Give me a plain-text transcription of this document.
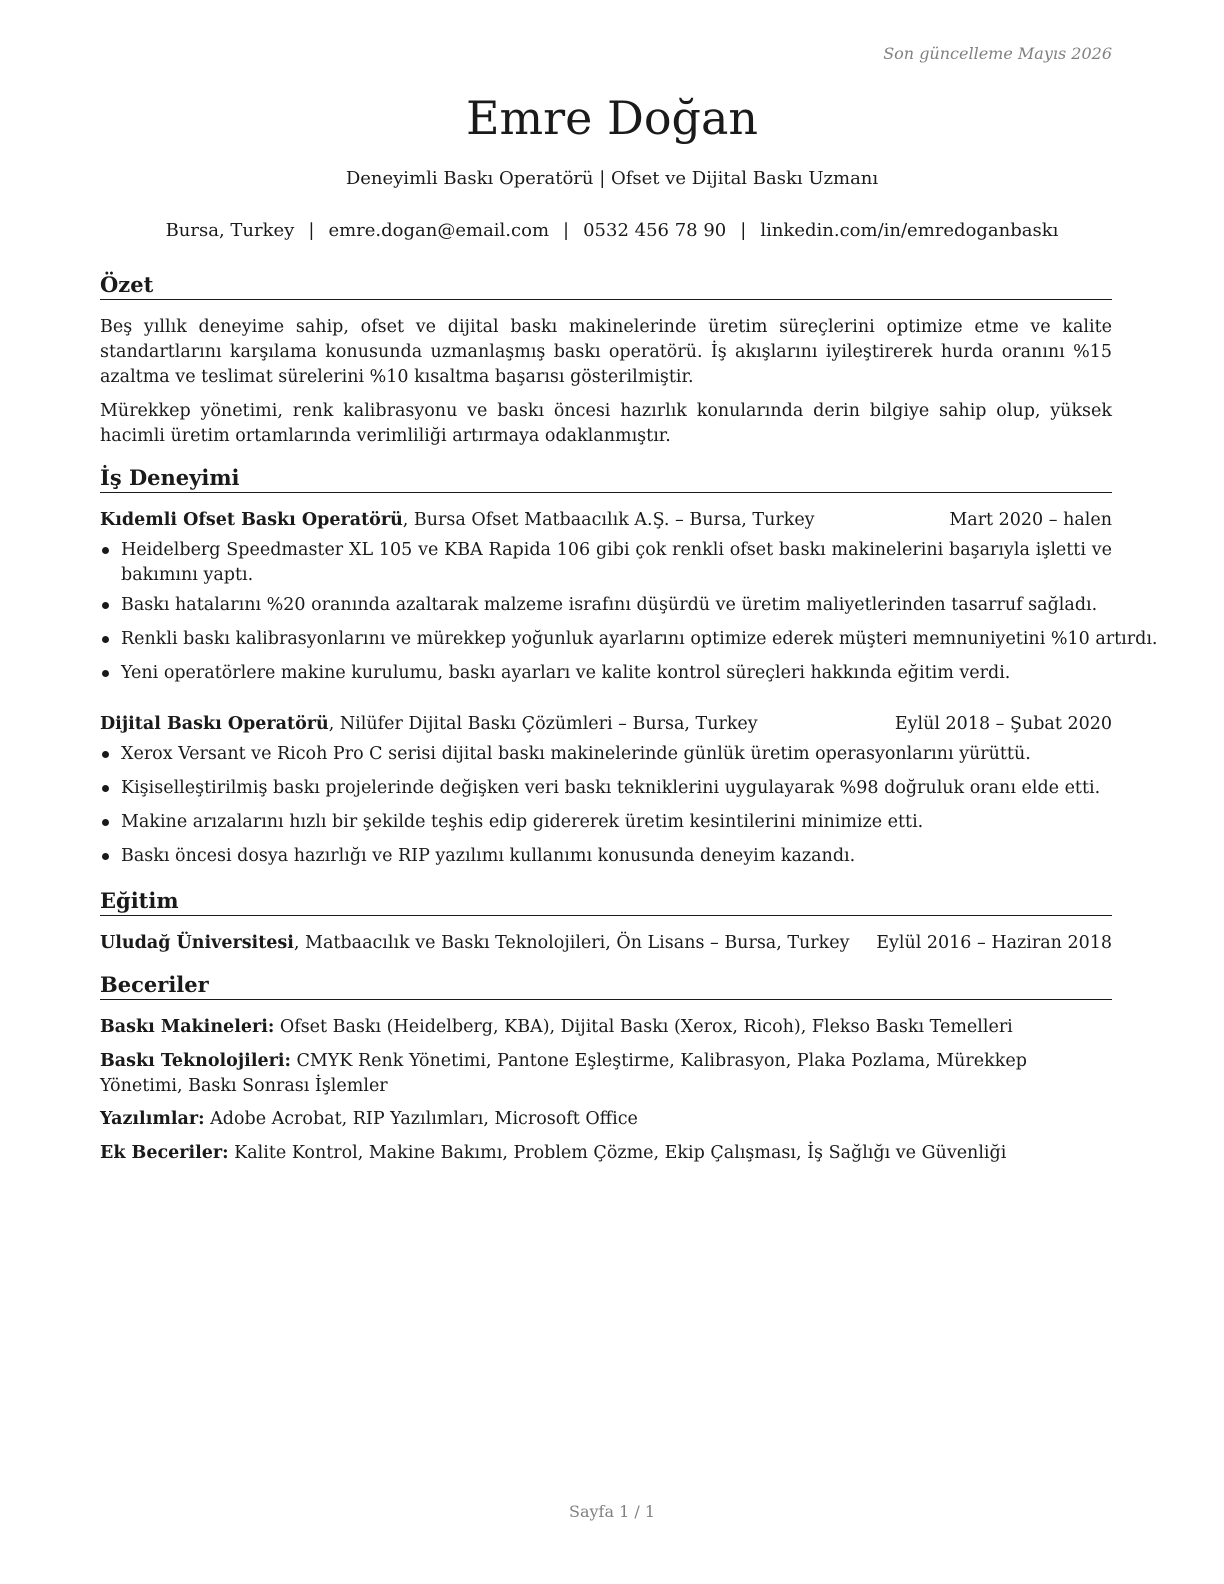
Son güncelleme Mayıs 2026
Emre Doğan
Deneyimli Baskı Operatörü | Ofset ve Dijital Baskı Uzmanı
Bursa, Turkey | emre.dogan@email.com | 0532 456 78 90 | linkedin.com/in/emredoganbaskı
Özet

Beş yıllık deneyime sahip, ofset ve dijital baskı makinelerinde üretim süreçlerini optimize etme ve kalite standartlarını karşılama konusunda uzmanlaşmış baskı operatörü. İş akışlarını iyileştirerek hurda oranını %15 azaltma ve teslimat sürelerini %10 kısaltma başarısı gösterilmiştir.

Mürekkep yönetimi, renk kalibrasyonu ve baskı öncesi hazırlık konularında derin bilgiye sahip olup, yüksek hacimli üretim ortamlarında verimliliği artırmaya odaklanmıştır.

İş Deneyimi
Kıdemli Ofset Baskı Operatörü, Bursa Ofset Matbaacılık A.Ş. – Bursa, Turkey	Mart 2020 – halen
Heidelberg Speedmaster XL 105 ve KBA Rapida 106 gibi çok renkli ofset baskı makinelerini başarıyla işletti ve bakımını yaptı.
Baskı hatalarını %20 oranında azaltarak malzeme israfını düşürdü ve üretim maliyetlerinden tasarruf sağladı.
Renkli baskı kalibrasyonlarını ve mürekkep yoğunluk ayarlarını optimize ederek müşteri memnuniyetini %10 artırdı.
Yeni operatörlere makine kurulumu, baskı ayarları ve kalite kontrol süreçleri hakkında eğitim verdi.
Dijital Baskı Operatörü, Nilüfer Dijital Baskı Çözümleri – Bursa, Turkey	Eylül 2018 – Şubat 2020
Xerox Versant ve Ricoh Pro C serisi dijital baskı makinelerinde günlük üretim operasyonlarını yürüttü.
Kişiselleştirilmiş baskı projelerinde değişken veri baskı tekniklerini uygulayarak %98 doğruluk oranı elde etti.
Makine arızalarını hızlı bir şekilde teşhis edip gidererek üretim kesintilerini minimize etti.
Baskı öncesi dosya hazırlığı ve RIP yazılımı kullanımı konusunda deneyim kazandı.
Eğitim
Uludağ Üniversitesi, Matbaacılık ve Baskı Teknolojileri, Ön Lisans – Bursa, Turkey Eylül 2016 – Haziran 2018
Beceriler
Baskı Makineleri: Ofset Baskı (Heidelberg, KBA), Dijital Baskı (Xerox, Ricoh), Flekso Baskı Temelleri
Baskı Teknolojileri: CMYK Renk Yönetimi, Pantone Eşleştirme, Kalibrasyon, Plaka Pozlama, Mürekkep Yönetimi, Baskı Sonrası İşlemler
Yazılımlar: Adobe Acrobat, RIP Yazılımları, Microsoft Office
Ek Beceriler: Kalite Kontrol, Makine Bakımı, Problem Çözme, Ekip Çalışması, İş Sağlığı ve Güvenliği
Sayfa 1 / 1
